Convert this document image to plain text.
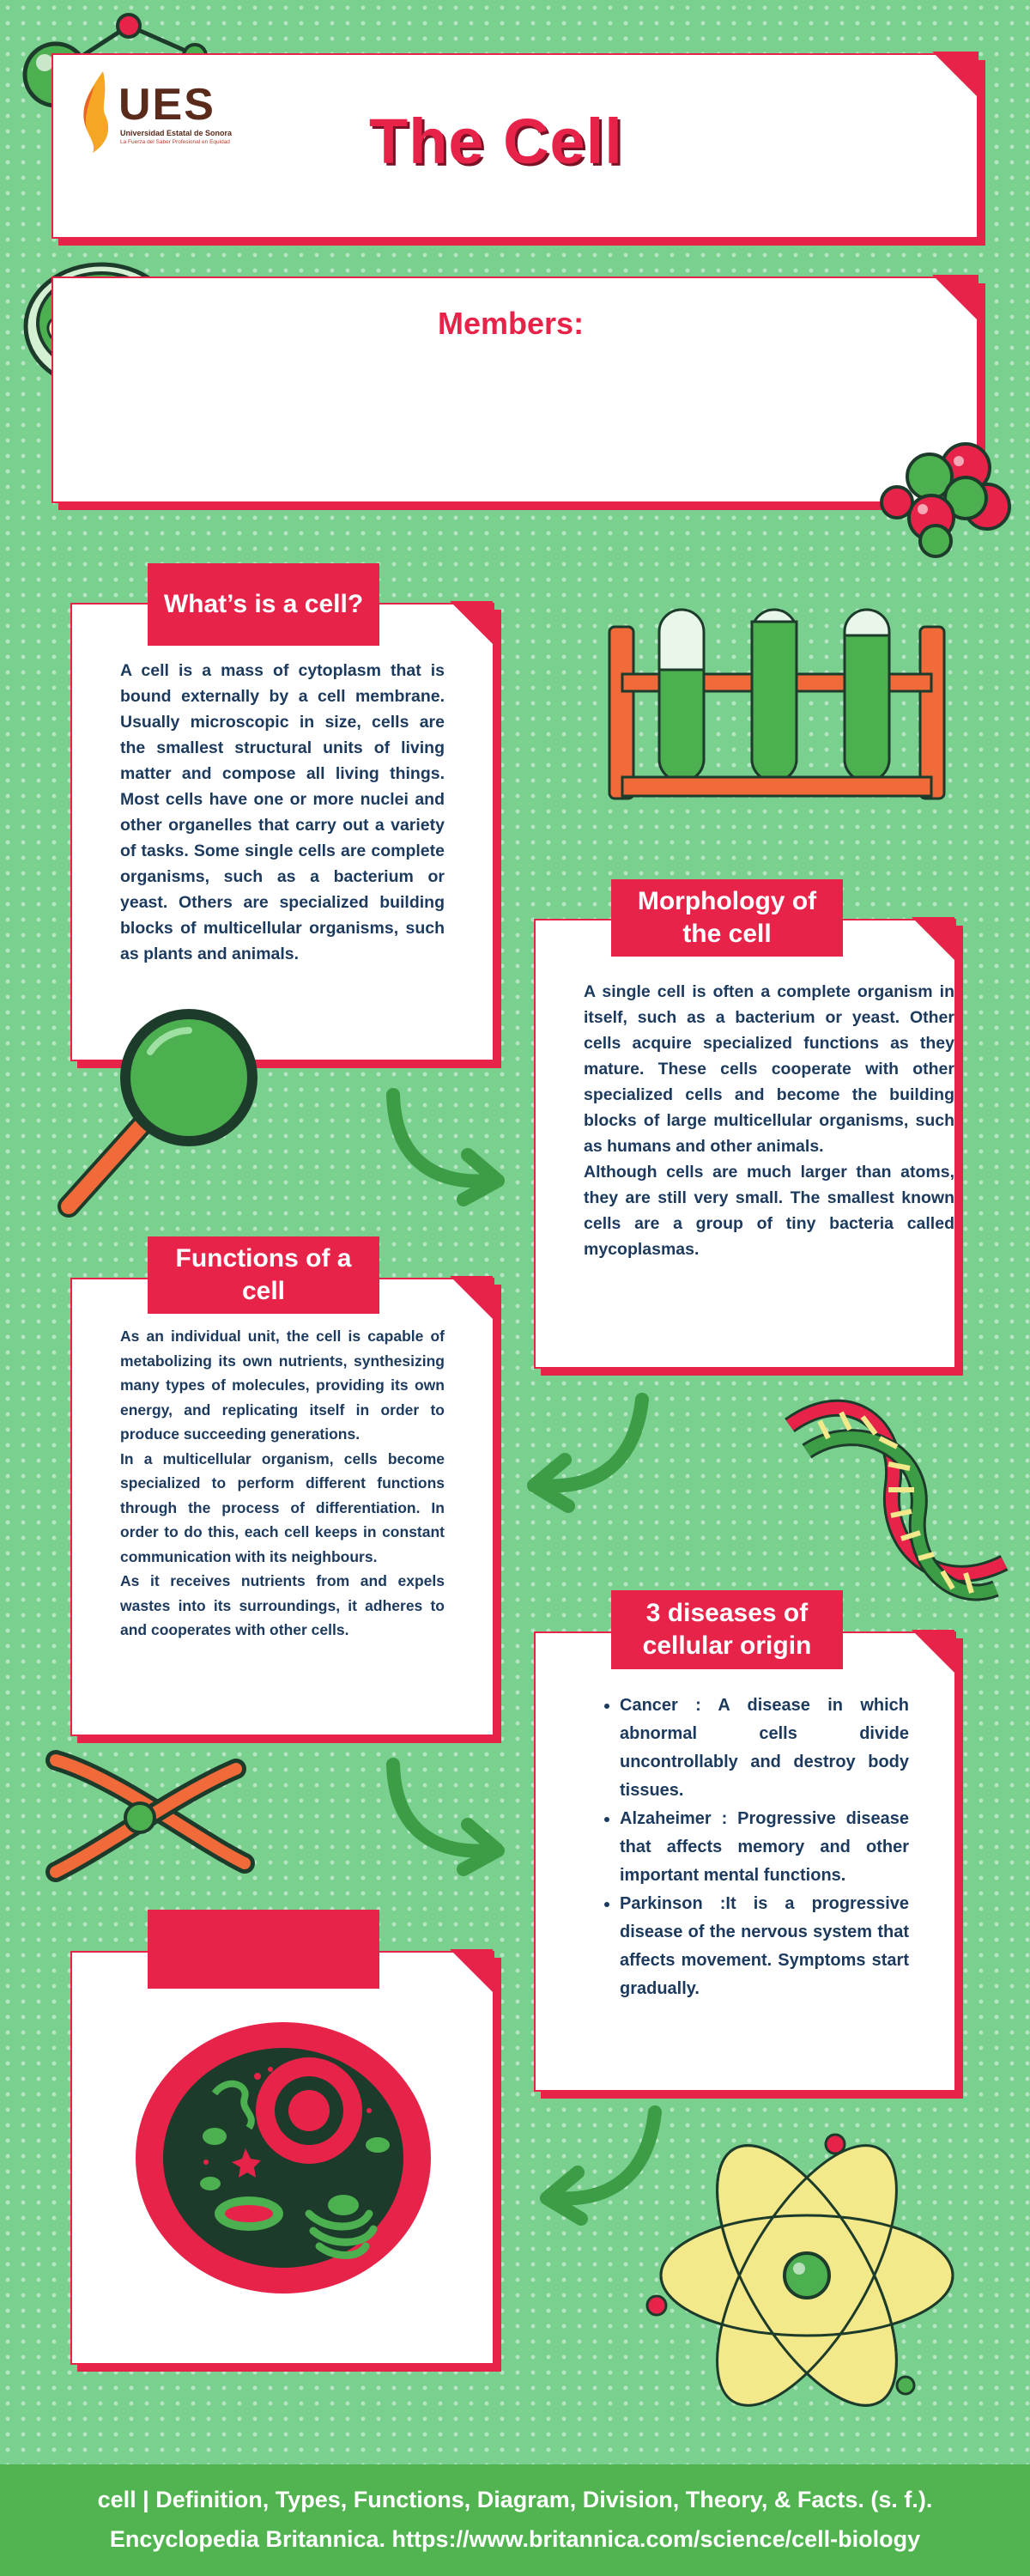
UES
Universidad Estatal de Sonora
La Fuerza del Saber Profesional en Equidad The Cell
Members:
What’s is a cell?
A cell is a mass of cytoplasm that is bound externally by a cell membrane. Usually microscopic in size, cells are the smallest structural units of living matter and compose all living things. Most cells have one or more nuclei and other organelles that carry out a variety of tasks. Some single cells are complete organisms, such as a bacterium or yeast. Others are specialized building blocks of multicellular organisms, such as plants and animals.
Morphology of the cell

A single cell is often a complete organism in itself, such as a bacterium or yeast. Other cells acquire specialized functions as they mature. These cells cooperate with other specialized cells and become the building blocks of large multicellular organisms, such as humans and other animals.

Although cells are much larger than atoms, they are still very small. The smallest known cells are a group of tiny bacteria called mycoplasmas.

Functions of a cell

As an individual unit, the cell is capable of metabolizing its own nutrients, synthesizing many types of molecules, providing its own energy, and replicating itself in order to produce succeeding generations.

In a multicellular organism, cells become specialized to perform different functions through the process of differentiation. In order to do this, each cell keeps in constant communication with its neighbours.

As it receives nutrients from and expels wastes into its surroundings, it adheres to and cooperates with other cells.

3 diseases of cellular origin
• Cancer : A disease in which abnormal cells divide uncontrollably and destroy body tissues.
• Alzaheimer : Progressive disease that affects memory and other important mental functions.
• Parkinson :It is a progressive disease of the nervous system that affects movement. Symptoms start gradually.
cell | Definition, Types, Functions, Diagram, Division, Theory, & Facts. (s. f.).
Encyclopedia Britannica. https://www.britannica.com/science/cell-biology
